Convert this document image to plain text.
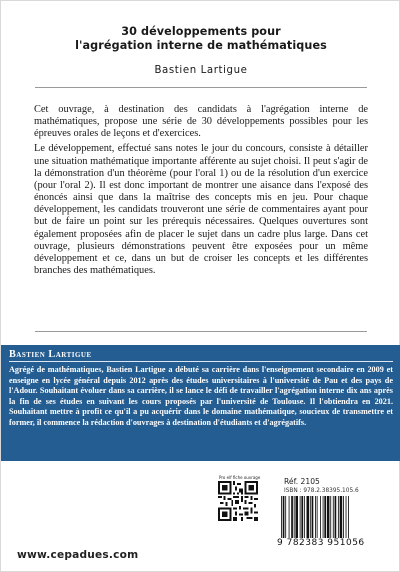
30 développements pour
l'agrégation interne de mathématiques
Bastien Lartigue

Cet ouvrage, à destination des candidats à l'agrégation interne de mathématiques, propose une série de 30 développements possibles pour les épreuves orales de leçons et d'exercices.

Le développement, effectué sans notes le jour du concours, consiste à détailler une situation mathématique importante afférente au sujet choisi. Il peut s'agir de la démonstration d'un théorème (pour l'oral 1) ou de la résolution d'un exercice (pour l'oral 2). Il est donc important de montrer une aisance dans l'exposé des énoncés ainsi que dans la maîtrise des concepts mis en jeu. Pour chaque développement, les candidats trouveront une série de commentaires ayant pour but de faire un point sur les prérequis nécessaires. Quelques ouvertures sont également proposées afin de placer le sujet dans un cadre plus large. Dans cet ouvrage, plusieurs démonstrations peuvent être exposées pour un même développement et ce, dans un but de croiser les concepts et les différentes branches des mathématiques.

Bastien Lartigue
Agrégé de mathématiques, Bastien Lartigue a débuté sa carrière dans l'enseignement secondaire en 2009 et enseigne en lycée général depuis 2012 après des études universitaires à l'université de Pau et des pays de l'Adour. Souhaitant évoluer dans sa carrière, il se lance le défi de travailler l'agrégation interne dix ans après la fin de ses études en suivant les cours proposés par l'université de Toulouse. Il l'obtiendra en 2021. Souhaitant mettre à profit ce qu'il a pu acquérir dans le domaine mathématique, soucieux de transmettre et former, il commence la rédaction d'ouvrages à destination d'étudiants et d'agrégatifs.
Pro elf fiche ouvrage	Réf. 2105
ISBN : 978.2.38395.105.6
9 782383 951056
www.cepadues.com
